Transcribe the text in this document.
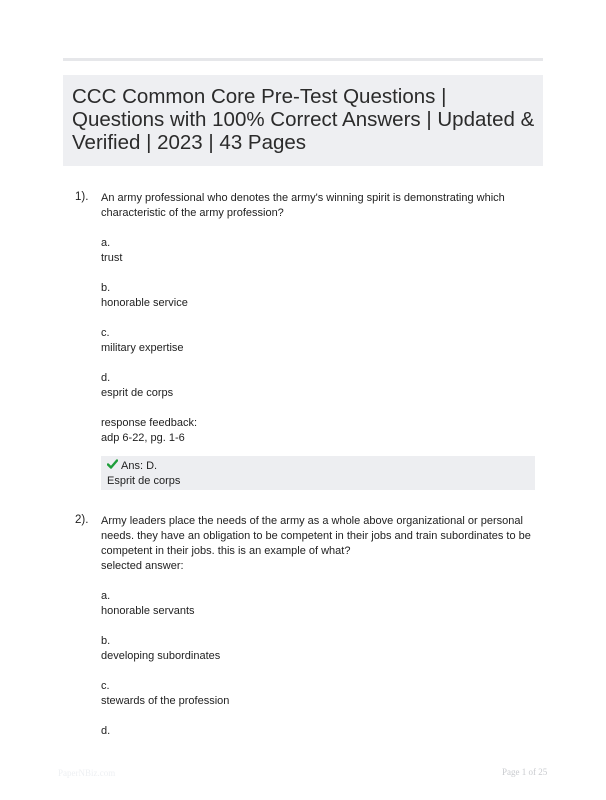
CCC Common Core Pre-Test Questions | Questions with 100% Correct Answers | Updated & Verified | 2023 | 43 Pages
1). An army professional who denotes the army's winning spirit is demonstrating which characteristic of the army profession?

a.
trust
b.
honorable service
c.
military expertise
d.
esprit de corps
response feedback:
adp 6-22, pg. 1-6
Ans: D.
Esprit de corps
2). Army leaders place the needs of the army as a whole above organizational or personal needs. they have an obligation to be competent in their jobs and train subordinates to be competent in their jobs. this is an example of what?

selected answer:

a.
honorable servants
b.
developing subordinates
c.
stewards of the profession
d.
PaperNBiz.com	Page 1 of 25
